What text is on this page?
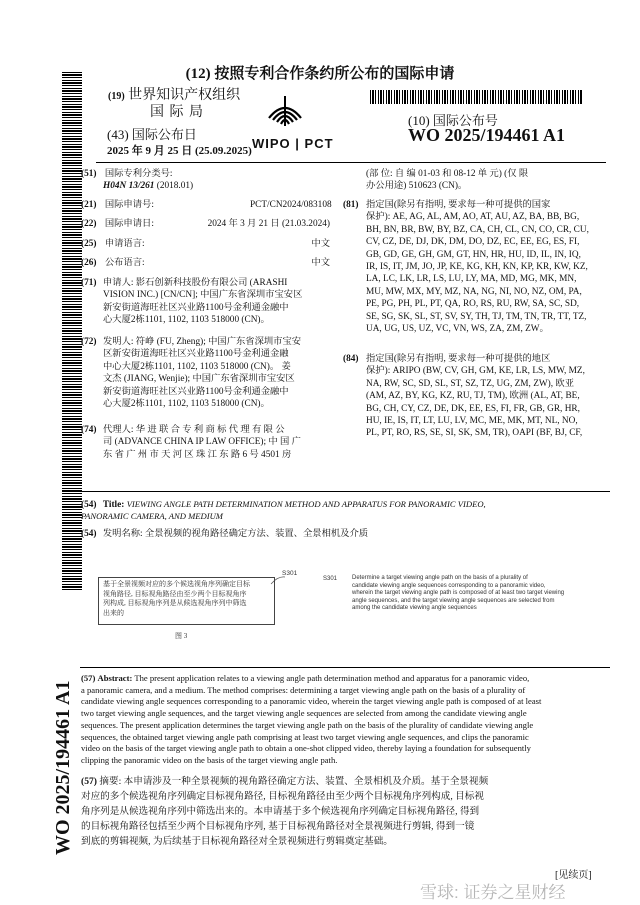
(12) 按照专利合作条约所公布的国际申请
(19) 世界知识产权组织
国 际 局
(43) 国际公布日
2025 年 9 月 25 日 (25.09.2025) WIPO | PCT
(10) 国际公布号
WO 2025/194461 A1
WO 2025/194461 A1
(51) 国际专利分类号:
H04N 13/261 (2018.01)
(21) 国际申请号:	PCT/CN2024/083108
(22) 国际申请日:	2024 年 3 月 21 日 (21.03.2024)
(25) 申请语言:	中文
(26) 公布语言:	中文
(71) 申请人: 影石创新科技股份有限公司 (ARASHI
VISION INC.) [CN/CN]; 中国广东省深圳市宝安区
新安街道海旺社区兴业路1100号金利通金融中
心大厦2栋1101, 1102, 1103 518000 (CN)。
(72) 发明人: 符峥 (FU, Zheng); 中国广东省深圳市宝安
区新安街道海旺社区兴业路1100号金利通金融
中心大厦2栋1101, 1102, 1103 518000 (CN)。 姜
文杰 (JIANG, Wenjie); 中国广东省深圳市宝安区
新安街道海旺社区兴业路1100号金利通金融中
心大厦2栋1101, 1102, 1103 518000 (CN)。
(74) 代理人: 华 进 联 合 专 利 商 标 代 理 有 限 公
司 (ADVANCE CHINA IP LAW OFFICE); 中 国 广
东 省 广 州 市 天 河 区 珠 江 东 路 6 号 4501 房
(部 位: 自 编 01-03 和 08-12 单 元) (仅 限
办公用途) 510623 (CN)。
(81) 指定国(除另有指明, 要求每一种可提供的国家
保护): AE, AG, AL, AM, AO, AT, AU, AZ, BA, BB, BG,
BH, BN, BR, BW, BY, BZ, CA, CH, CL, CN, CO, CR, CU,
CV, CZ, DE, DJ, DK, DM, DO, DZ, EC, EE, EG, ES, FI,
GB, GD, GE, GH, GM, GT, HN, HR, HU, ID, IL, IN, IQ,
IR, IS, IT, JM, JO, JP, KE, KG, KH, KN, KP, KR, KW, KZ,
LA, LC, LK, LR, LS, LU, LY, MA, MD, MG, MK, MN,
MU, MW, MX, MY, MZ, NA, NG, NI, NO, NZ, OM, PA,
PE, PG, PH, PL, PT, QA, RO, RS, RU, RW, SA, SC, SD,
SE, SG, SK, SL, ST, SV, SY, TH, TJ, TM, TN, TR, TT, TZ,
UA, UG, US, UZ, VC, VN, WS, ZA, ZM, ZW。
(84) 指定国(除另有指明, 要求每一种可提供的地区
保护): ARIPO (BW, CV, GH, GM, KE, LR, LS, MW, MZ,
NA, RW, SC, SD, SL, ST, SZ, TZ, UG, ZM, ZW), 欧亚
(AM, AZ, BY, KG, KZ, RU, TJ, TM), 欧洲 (AL, AT, BE,
BG, CH, CY, CZ, DE, DK, EE, ES, FI, FR, GB, GR, HR,
HU, IE, IS, IT, LT, LU, LV, MC, ME, MK, MT, NL, NO,
PL, PT, RO, RS, SE, SI, SK, SM, TR), OAPI (BF, BJ, CF,
(54) Title: VIEWING ANGLE PATH DETERMINATION METHOD AND APPARATUS FOR PANORAMIC VIDEO,
PANORAMIC CAMERA, AND MEDIUM
(54) 发明名称: 全景视频的视角路径确定方法、装置、全景相机及介质
S301
基于全景视频对应的多个候选视角序列确定目标
视角路径, 目标视角路径由至少两个目标视角序
列构成, 目标视角序列是从候选视角序列中筛选
出来的
图 3
S301 Determine a target viewing angle path on the basis of a plurality of
candidate viewing angle sequences corresponding to a panoramic video,
wherein the target viewing angle path is composed of at least two target viewing
angle sequences, and the target viewing angle sequences are selected from
among the candidate viewing angle sequences
(57) Abstract: The present application relates to a viewing angle path determination method and apparatus for a panoramic video,
a panoramic camera, and a medium. The method comprises: determining a target viewing angle path on the basis of a plurality of
candidate viewing angle sequences corresponding to a panoramic video, wherein the target viewing angle path is composed of at least
two target viewing angle sequences, and the target viewing angle sequences are selected from among the candidate viewing angle
sequences. The present application determines the target viewing angle path on the basis of the plurality of candidate viewing angle
sequences, the obtained target viewing angle path comprising at least two target viewing angle sequences, and clips the panoramic
video on the basis of the target viewing angle path to obtain a one-shot clipped video, thereby laying a foundation for subsequently
clipping the panoramic video on the basis of the target viewing angle path.
(57) 摘要: 本申请涉及一种全景视频的视角路径确定方法、装置、全景相机及介质。基于全景视频
对应的多个候选视角序列确定目标视角路径, 目标视角路径由至少两个目标视角序列构成, 目标视
角序列是从候选视角序列中筛选出来的。本申请基于多个候选视角序列确定目标视角路径, 得到
的目标视角路径包括至少两个目标视角序列, 基于目标视角路径对全景视频进行剪辑, 得到一镜
到底的剪辑视频, 为后续基于目标视角路径对全景视频进行剪辑奠定基础。
[见续页]
雪球: 证券之星财经
